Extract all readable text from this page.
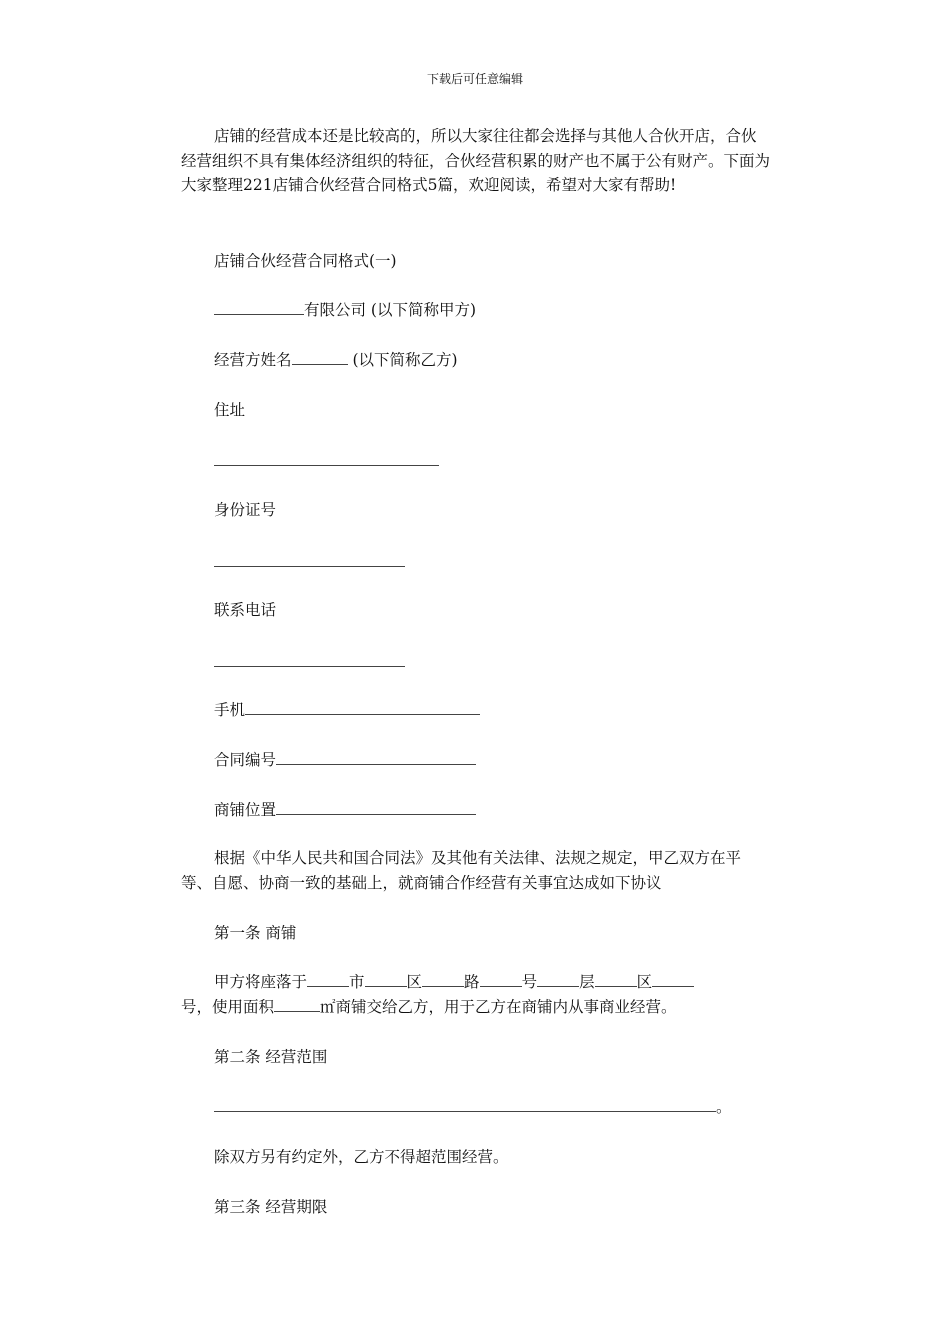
下载后可任意编辑
店铺的经营成本还是比较高的，所以大家往往都会选择与其他人合伙开店，合伙经营组织不具有集体经济组织的特征，合伙经营积累的财产也不属于公有财产。下面为大家整理221店铺合伙经营合同格式5篇，欢迎阅读，希望对大家有帮助!
店铺合伙经营合同格式(一)
有限公司 (以下简称甲方)
经营方姓名	(以下简称乙方)
住址
身份证号
联系电话
手机
合同编号
商铺位置
根据《中华人民共和国合同法》及其他有关法律、法规之规定，甲乙双方在平等、自愿、协商一致的基础上，就商铺合作经营有关事宜达成如下协议
第一条 商铺
甲方将座落于	市	区	路	号	层	区
号，使用面积	㎡商铺交给乙方，用于乙方在商铺内从事商业经营。
第二条 经营范围
。
除双方另有约定外，乙方不得超范围经营。
第三条 经营期限
